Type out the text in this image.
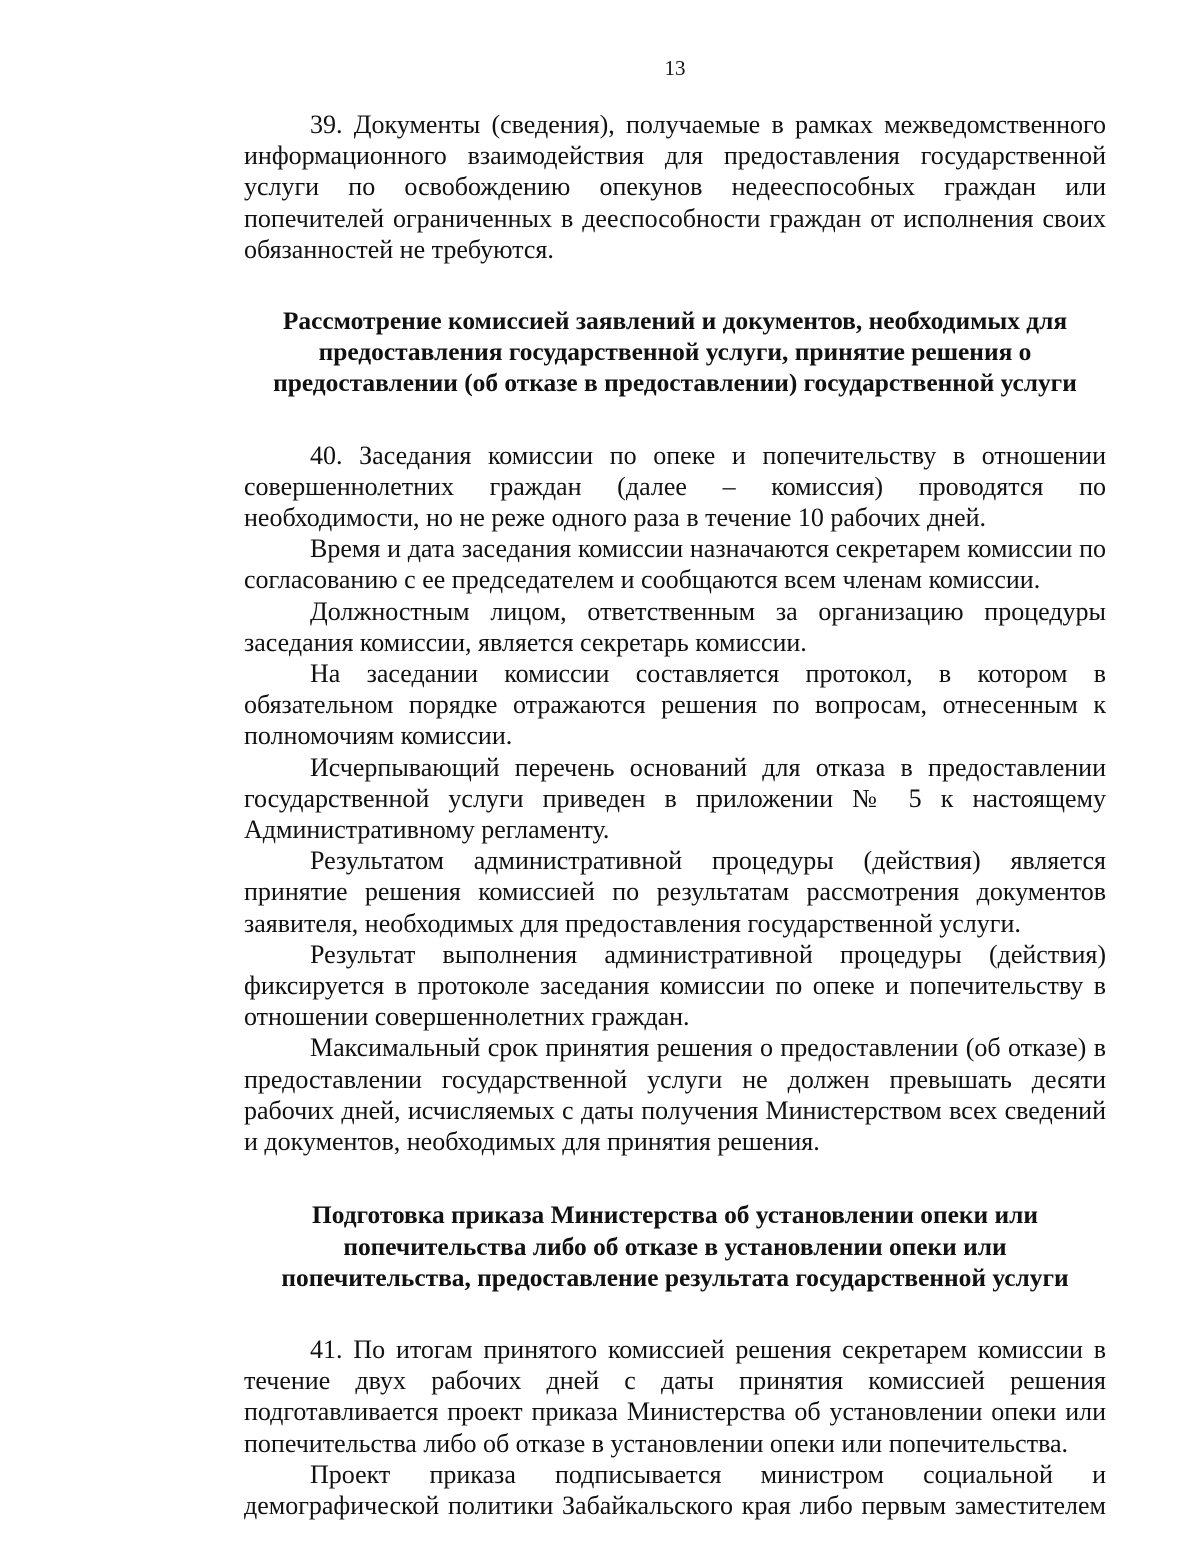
13
39. Документы (сведения), получаемые в рамках межведомственного
информационного взаимодействия для предоставления государственной
услуги по освобождению опекунов недееспособных граждан или
попечителей ограниченных в дееспособности граждан от исполнения своих
обязанностей не требуются.
Рассмотрение комиссией заявлений и документов, необходимых для
предоставления государственной услуги, принятие решения о
предоставлении (об отказе в предоставлении) государственной услуги
40. Заседания комиссии по опеке и попечительству в отношении
совершеннолетних граждан (далее – комиссия) проводятся по
необходимости, но не реже одного раза в течение 10 рабочих дней.
Время и дата заседания комиссии назначаются секретарем комиссии по
согласованию с ее председателем и сообщаются всем членам комиссии.
Должностным лицом, ответственным за организацию процедуры
заседания комиссии, является секретарь комиссии.
На заседании комиссии составляется протокол, в котором в
обязательном порядке отражаются решения по вопросам, отнесенным к
полномочиям комиссии.
Исчерпывающий перечень оснований для отказа в предоставлении
государственной услуги приведен в приложении № 5 к настоящему
Административному регламенту.
Результатом административной процедуры (действия) является
принятие решения комиссией по результатам рассмотрения документов
заявителя, необходимых для предоставления государственной услуги.
Результат выполнения административной процедуры (действия)
фиксируется в протоколе заседания комиссии по опеке и попечительству в
отношении совершеннолетних граждан.
Максимальный срок принятия решения о предоставлении (об отказе) в
предоставлении государственной услуги не должен превышать десяти
рабочих дней, исчисляемых с даты получения Министерством всех сведений
и документов, необходимых для принятия решения.
Подготовка приказа Министерства об установлении опеки или
попечительства либо об отказе в установлении опеки или
попечительства, предоставление результата государственной услуги
41. По итогам принятого комиссией решения секретарем комиссии в
течение двух рабочих дней с даты принятия комиссией решения
подготавливается проект приказа Министерства об установлении опеки или
попечительства либо об отказе в установлении опеки или попечительства.
Проект приказа подписывается министром социальной и
демографической политики Забайкальского края либо первым заместителем
